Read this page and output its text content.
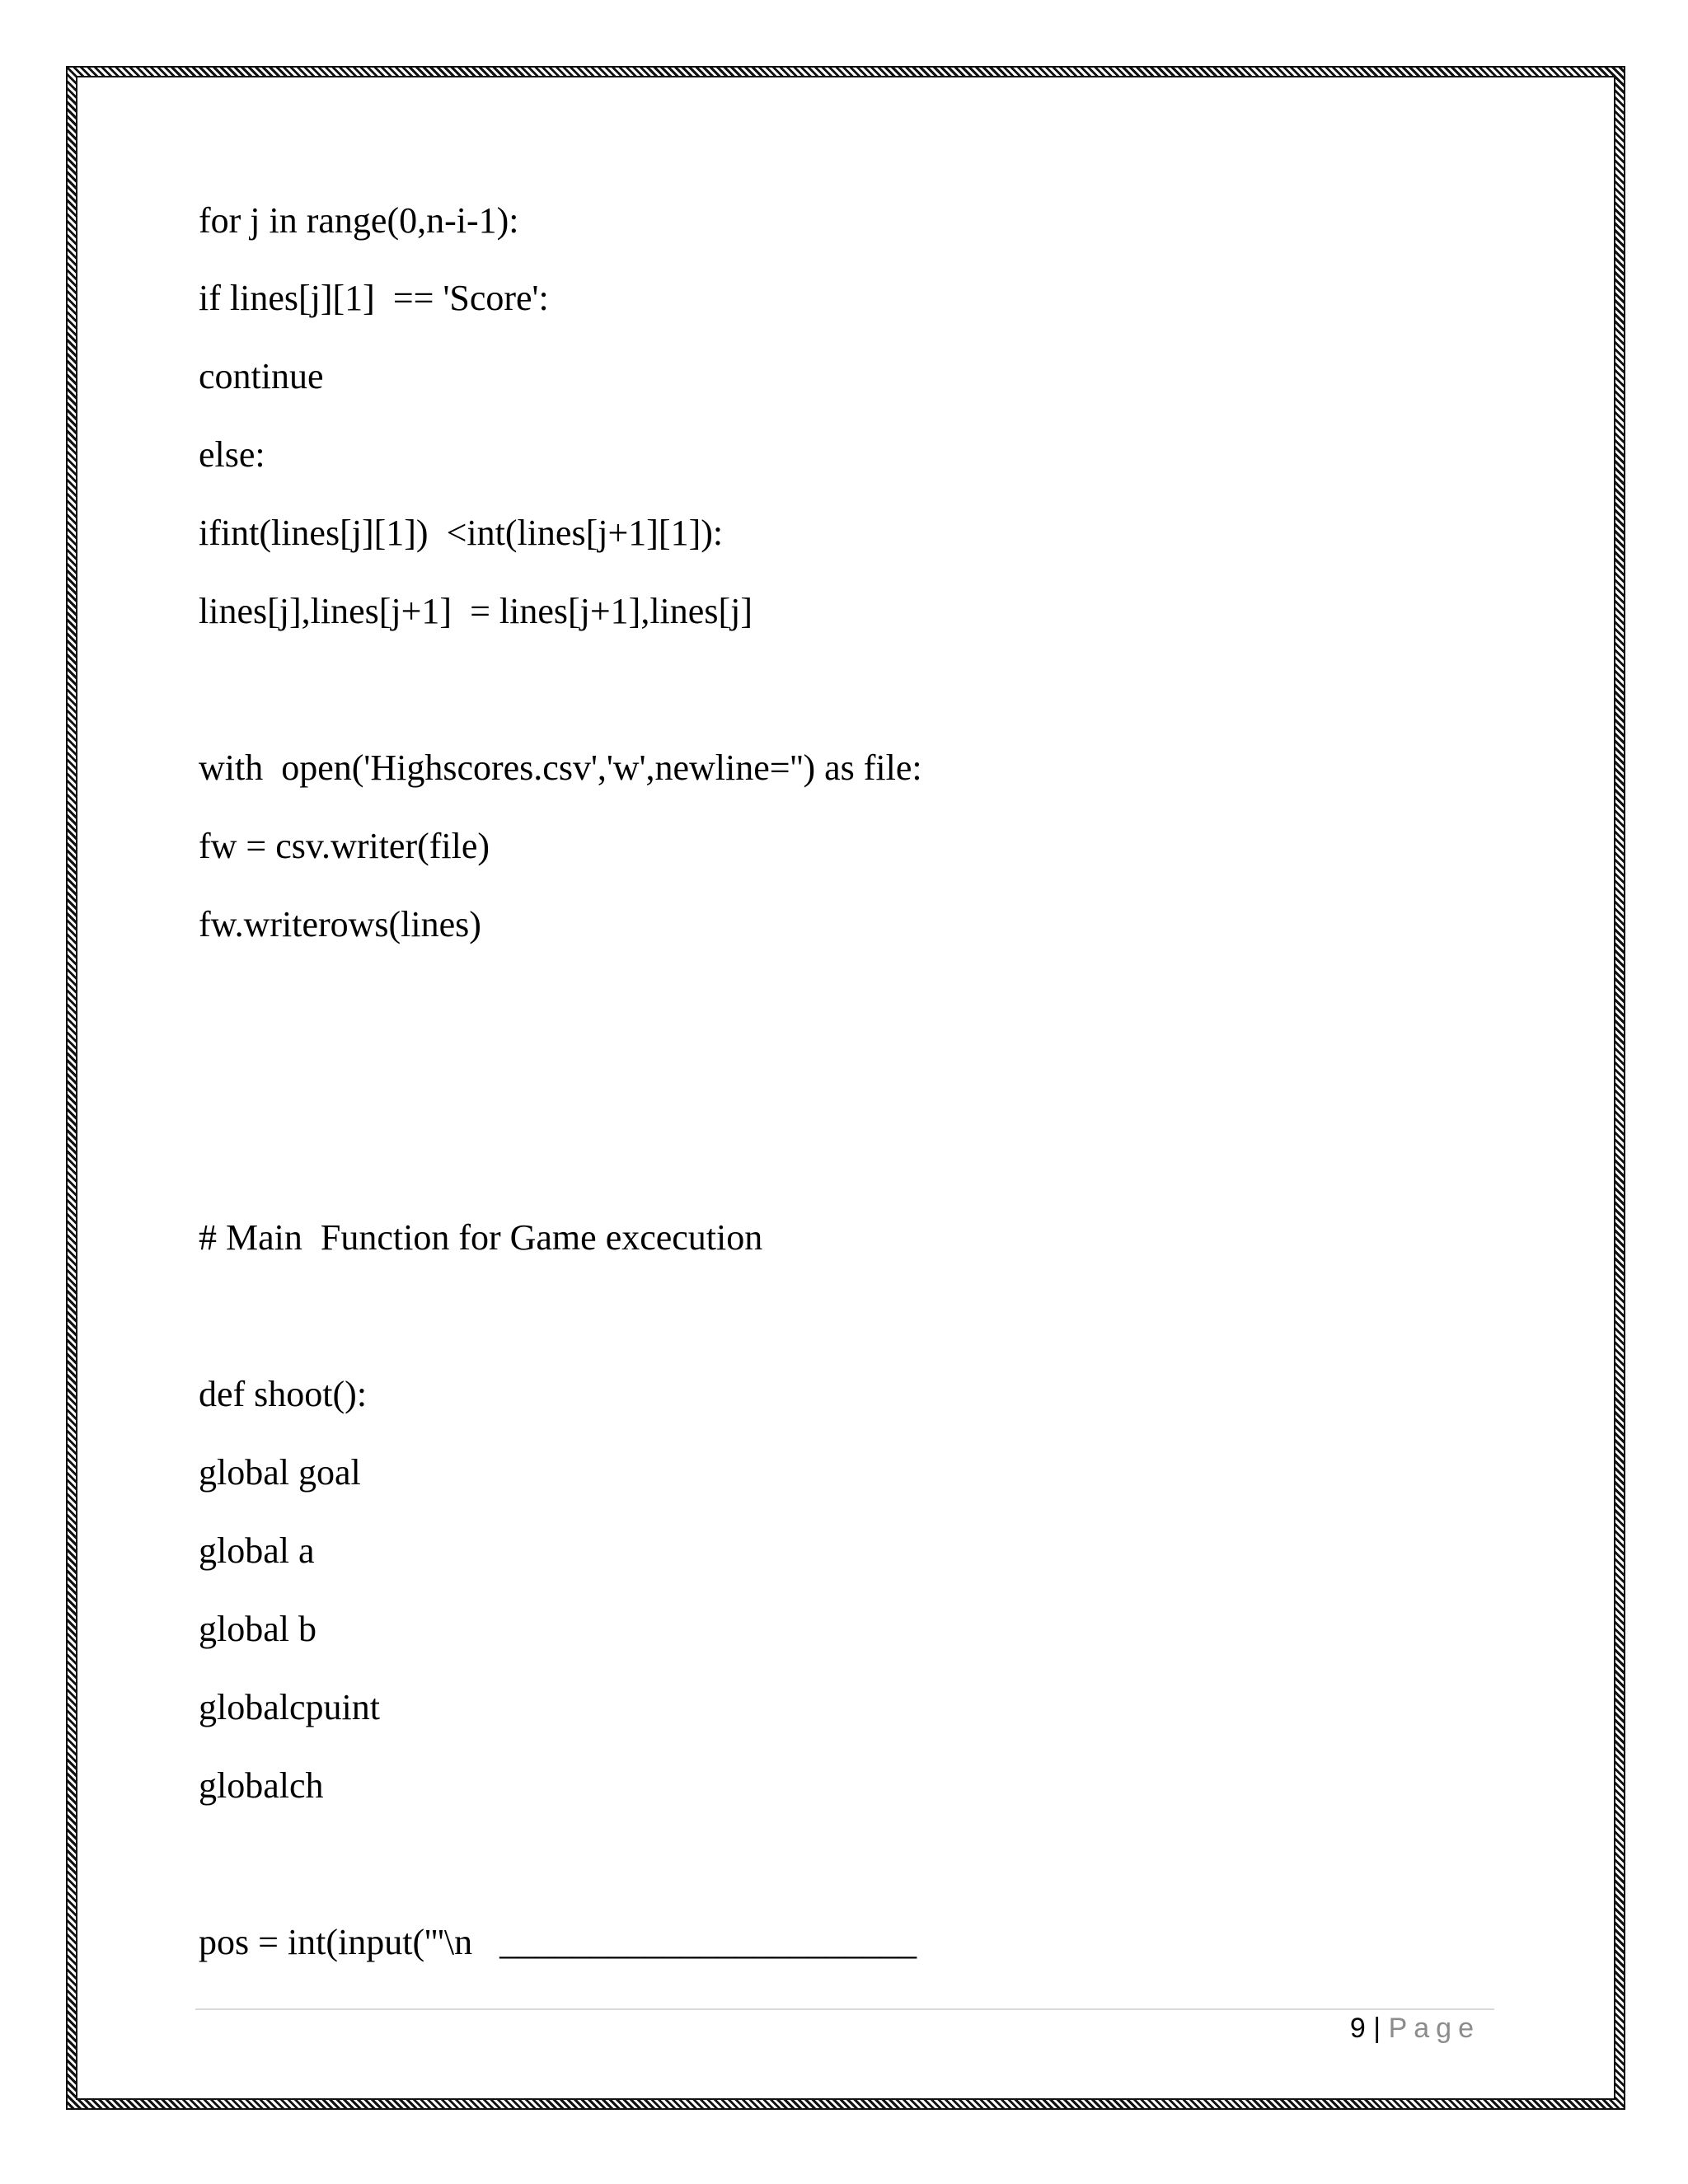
for j in range(0,n-i-1):
if lines[j][1]  == 'Score':
continue
else:
ifint(lines[j][1])  <int(lines[j+1][1]):
lines[j],lines[j+1]  = lines[j+1],lines[j]
with  open('Highscores.csv','w',newline='') as file:
fw = csv.writer(file)
fw.writerows(lines)
# Main  Function for Game excecution
def shoot():
global goal
global a
global b
globalcpuint
globalch
pos = int(input('''\n   _______________________
9 | Page
